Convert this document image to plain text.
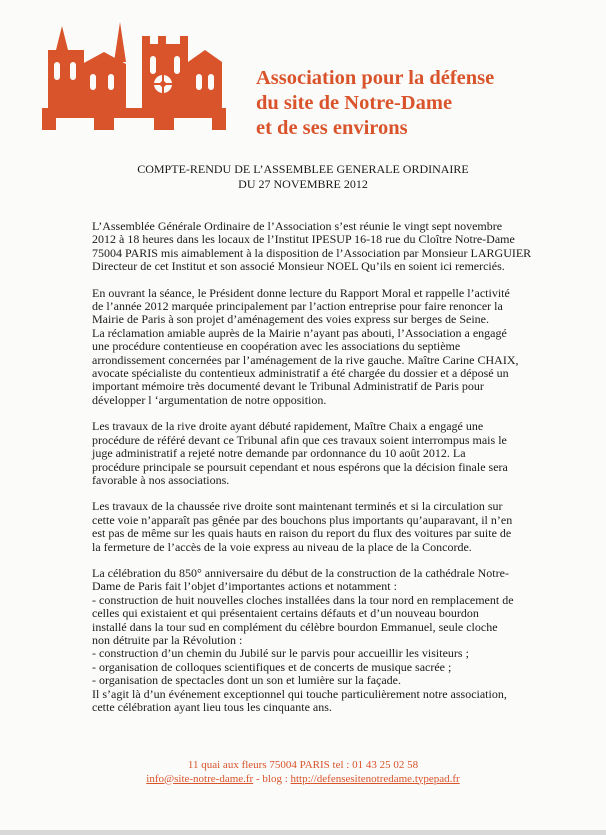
Association pour la défense
du site de Notre-Dame
et de ses environs
COMPTE-RENDU DE L’ASSEMBLEE GENERALE ORDINAIRE
DU 27 NOVEMBRE 2012

L’Assemblée Générale Ordinaire de l’Association s’est réunie le vingt sept novembre
2012 à 18 heures dans les locaux de l’Institut IPESUP 16-18 rue du Cloître Notre-Dame
75004 PARIS mis aimablement à la disposition de l’Association par Monsieur LARGUIER
Directeur de cet Institut et son associé Monsieur NOEL Qu’ils en soient ici remerciés.

En ouvrant la séance, le Président donne lecture du Rapport Moral et rappelle l’activité
de l’année 2012 marquée principalement par l’action entreprise pour faire renoncer la
Mairie de Paris à son projet d’aménagement des voies express sur berges de Seine.
La réclamation amiable auprès de la Mairie n’ayant pas abouti, l’Association a engagé
une procédure contentieuse en coopération avec les associations du septième
arrondissement concernées par l’aménagement de la rive gauche. Maître Carine CHAIX,
avocate spécialiste du contentieux administratif a été chargée du dossier et a déposé un
important mémoire très documenté devant le Tribunal Administratif de Paris pour
développer l ‘argumentation de notre opposition.

Les travaux de la rive droite ayant débuté rapidement, Maître Chaix a engagé une
procédure de référé devant ce Tribunal afin que ces travaux soient interrompus mais le
juge administratif a rejeté notre demande par ordonnance du 10 août 2012. La
procédure principale se poursuit cependant et nous espérons que la décision finale sera
favorable à nos associations.

Les travaux de la chaussée rive droite sont maintenant terminés et si la circulation sur
cette voie n’apparaît pas gênée par des bouchons plus importants qu’auparavant, il n’en
est pas de même sur les quais hauts en raison du report du flux des voitures par suite de
la fermeture de l’accès de la voie express au niveau de la place de la Concorde.

La célébration du 850° anniversaire du début de la construction de la cathédrale Notre-
Dame de Paris fait l’objet d’importantes actions et notamment :
- construction de huit nouvelles cloches installées dans la tour nord en remplacement de
celles qui existaient et qui présentaient certains défauts et d’un nouveau bourdon
installé dans la tour sud en complément du célèbre bourdon Emmanuel, seule cloche
non détruite par la Révolution :
- construction d’un chemin du Jubilé sur le parvis pour accueillir les visiteurs ;
- organisation de colloques scientifiques et de concerts de musique sacrée ;
- organisation de spectacles dont un son et lumière sur la façade.
Il s’agit là d’un événement exceptionnel qui touche particulièrement notre association,
cette célébration ayant lieu tous les cinquante ans.

11 quai aux fleurs 75004 PARIS tel : 01 43 25 02 58
info@site-notre-dame.fr - blog : http://defensesitenotredame.typepad.fr
